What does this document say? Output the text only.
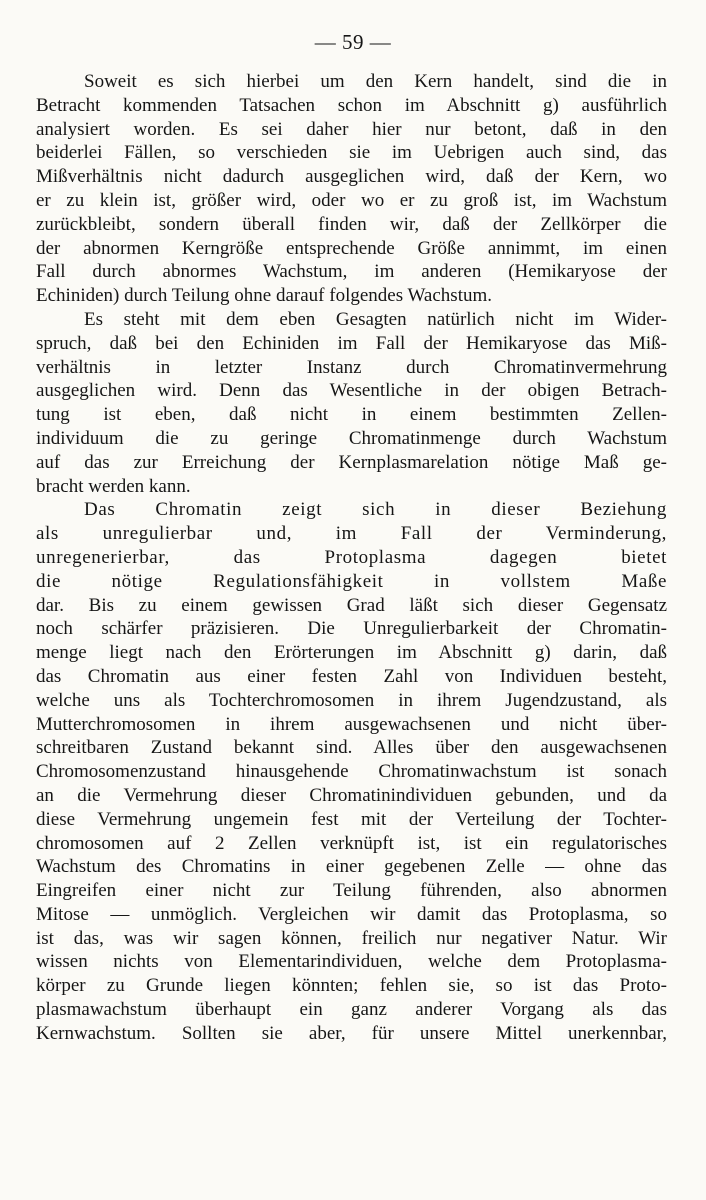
— 59 —
Soweit es sich hierbei um den Kern handelt, sind die in
Betracht kommenden Tatsachen schon im Abschnitt g) ausführlich
analysiert worden. Es sei daher hier nur betont, daß in den
beiderlei Fällen, so verschieden sie im Uebrigen auch sind, das
Mißverhältnis nicht dadurch ausgeglichen wird, daß der Kern, wo
er zu klein ist, größer wird, oder wo er zu groß ist, im Wachstum
zurückbleibt, sondern überall finden wir, daß der Zellkörper die
der abnormen Kerngröße entsprechende Größe annimmt, im einen
Fall durch abnormes Wachstum, im anderen (Hemikaryose der
Echiniden) durch Teilung ohne darauf folgendes Wachstum.
Es steht mit dem eben Gesagten natürlich nicht im Wider-
spruch, daß bei den Echiniden im Fall der Hemikaryose das Miß-
verhältnis in letzter Instanz durch Chromatinvermehrung
ausgeglichen wird. Denn das Wesentliche in der obigen Betrach-
tung ist eben, daß nicht in einem bestimmten Zellen-
individuum die zu geringe Chromatinmenge durch Wachstum
auf das zur Erreichung der Kernplasmarelation nötige Maß ge-
bracht werden kann.
Das Chromatin zeigt sich in dieser Beziehung
als unregulierbar und, im Fall der Verminderung,
unregenerierbar, das Protoplasma dagegen bietet
die nötige Regulationsfähigkeit in vollstem Maße
dar. Bis zu einem gewissen Grad läßt sich dieser Gegensatz
noch schärfer präzisieren. Die Unregulierbarkeit der Chromatin-
menge liegt nach den Erörterungen im Abschnitt g) darin, daß
das Chromatin aus einer festen Zahl von Individuen besteht,
welche uns als Tochterchromosomen in ihrem Jugendzustand, als
Mutterchromosomen in ihrem ausgewachsenen und nicht über-
schreitbaren Zustand bekannt sind. Alles über den ausgewachsenen
Chromosomenzustand hinausgehende Chromatinwachstum ist sonach
an die Vermehrung dieser Chromatinindividuen gebunden, und da
diese Vermehrung ungemein fest mit der Verteilung der Tochter-
chromosomen auf 2 Zellen verknüpft ist, ist ein regulatorisches
Wachstum des Chromatins in einer gegebenen Zelle — ohne das
Eingreifen einer nicht zur Teilung führenden, also abnormen
Mitose — unmöglich. Vergleichen wir damit das Protoplasma, so
ist das, was wir sagen können, freilich nur negativer Natur. Wir
wissen nichts von Elementarindividuen, welche dem Protoplasma-
körper zu Grunde liegen könnten; fehlen sie, so ist das Proto-
plasmawachstum überhaupt ein ganz anderer Vorgang als das
Kernwachstum. Sollten sie aber, für unsere Mittel unerkennbar,
